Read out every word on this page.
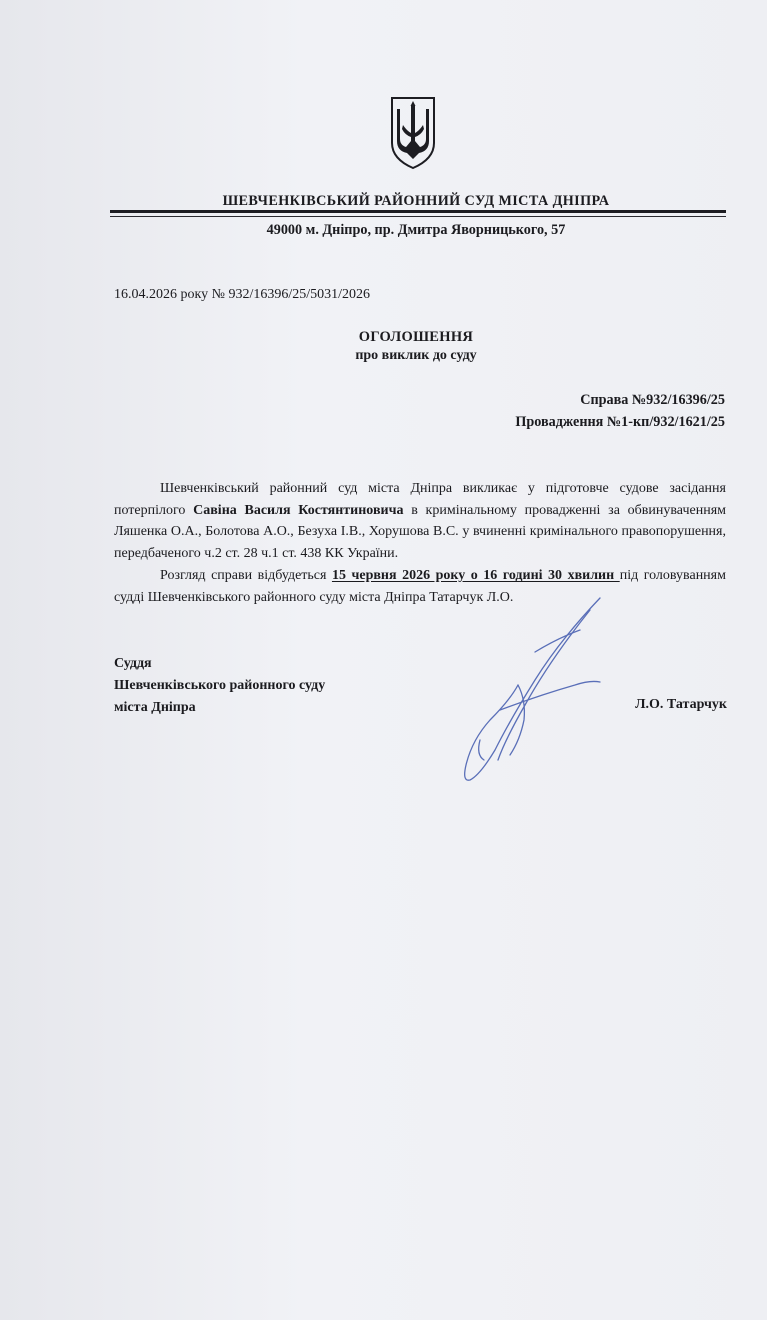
ШЕВЧЕНКІВСЬКИЙ РАЙОННИЙ СУД МІСТА ДНІПРА
49000 м. Дніпро, пр. Дмитра Яворницького, 57
16.04.2026 року № 932/16396/25/5031/2026
ОГОЛОШЕННЯ
про виклик до суду
Справа №932/16396/25
Провадження №1-кп/932/1621/25
Шевченківський районний суд міста Дніпра викликає у підготовче судове засідання потерпілого Савіна Василя Костянтиновича в кримінальному провадженні за обвинуваченням Ляшенка О.А., Болотова А.О., Безуха І.В., Хорушова В.С. у вчиненні кримінального правопорушення, передбаченого ч.2 ст. 28 ч.1 ст. 438 КК України.
Розгляд справи відбудеться 15 червня 2026 року о 16 годині 30 хвилин під головуванням судді Шевченківського районного суду міста Дніпра Татарчук Л.О.
Суддя
Шевченківського районного суду
міста Дніпра	Л.О. Татарчук
